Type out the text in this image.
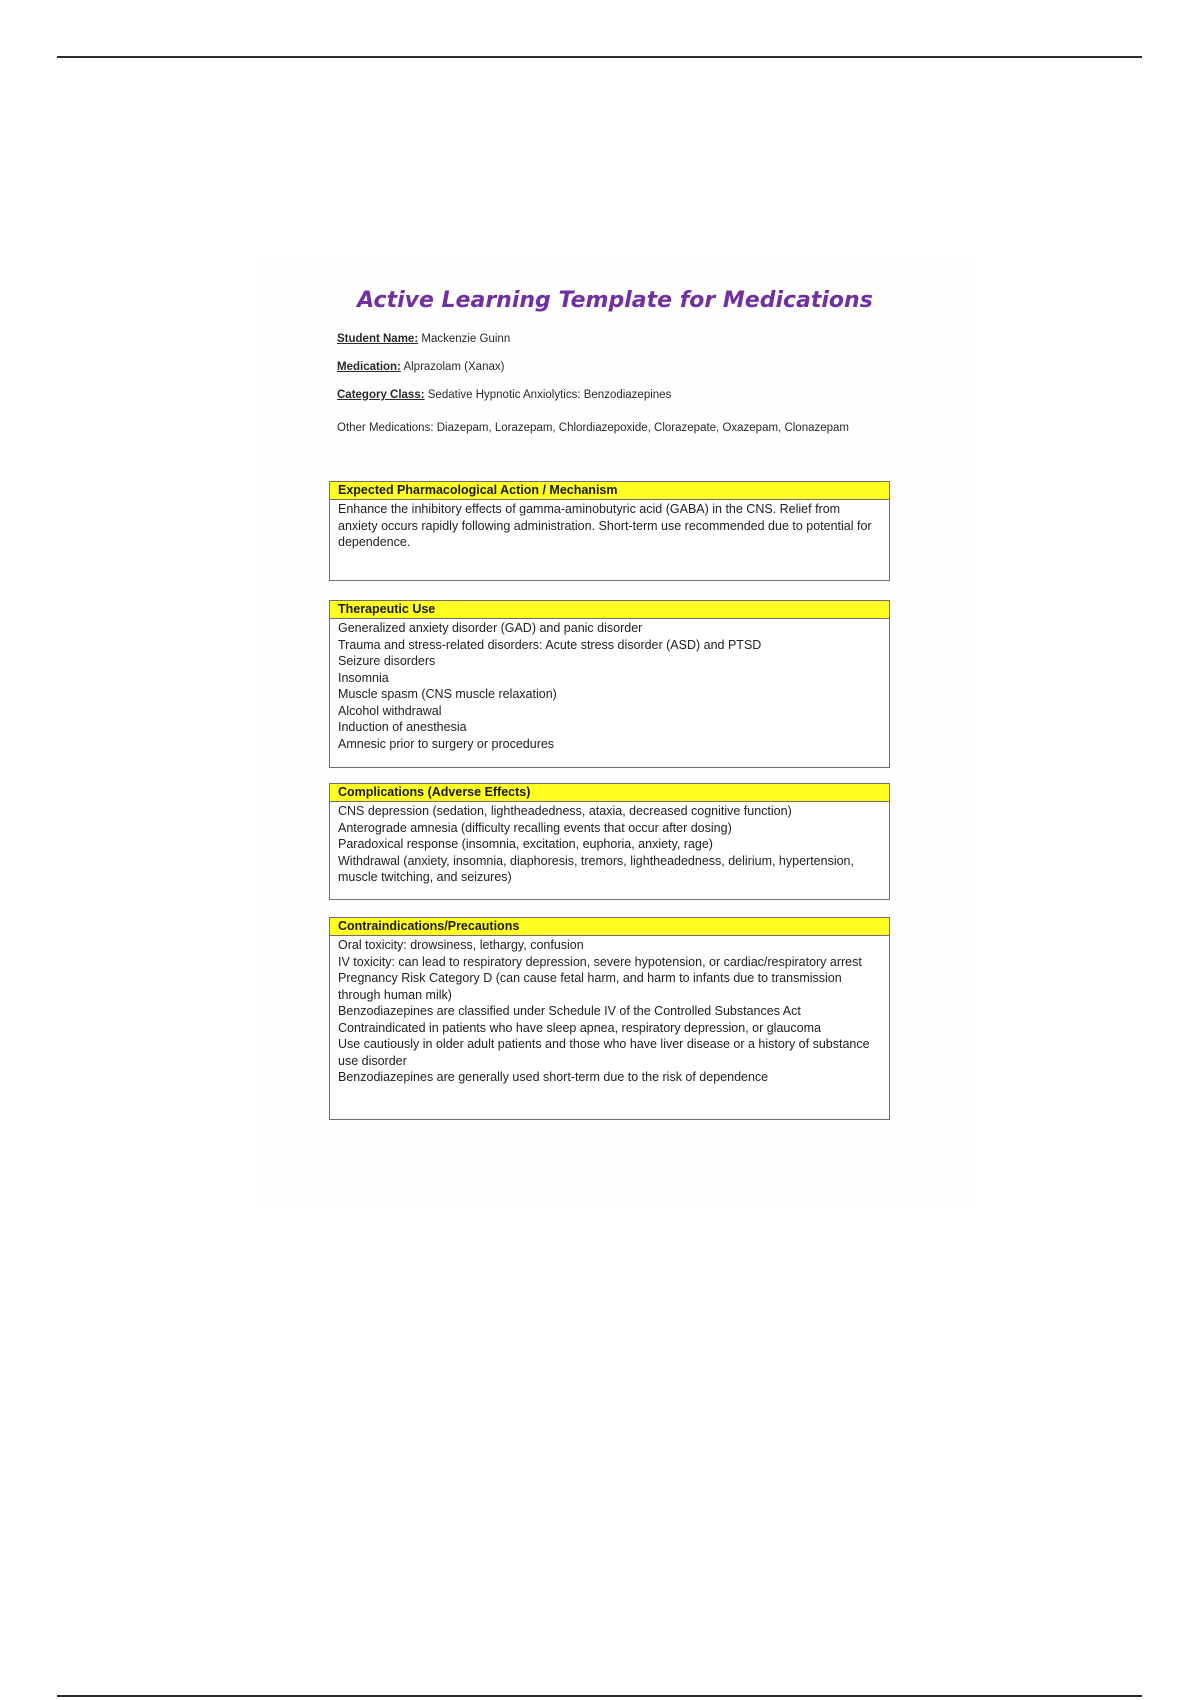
Active Learning Template for Medications
Student Name: Mackenzie Guinn
Medication: Alprazolam (Xanax)
Category Class: Sedative Hypnotic Anxiolytics: Benzodiazepines
Other Medications: Diazepam, Lorazepam, Chlordiazepoxide, Clorazepate, Oxazepam, Clonazepam
Expected Pharmacological Action / Mechanism
Enhance the inhibitory effects of gamma-aminobutyric acid (GABA) in the CNS. Relief from anxiety occurs rapidly following administration. Short-term use recommended due to potential for dependence.
Therapeutic Use
Generalized anxiety disorder (GAD) and panic disorder
Trauma and stress-related disorders: Acute stress disorder (ASD) and PTSD
Seizure disorders
Insomnia
Muscle spasm (CNS muscle relaxation)
Alcohol withdrawal
Induction of anesthesia
Amnesic prior to surgery or procedures
Complications (Adverse Effects)
CNS depression (sedation, lightheadedness, ataxia, decreased cognitive function)
Anterograde amnesia (difficulty recalling events that occur after dosing)
Paradoxical response (insomnia, excitation, euphoria, anxiety, rage)
Withdrawal (anxiety, insomnia, diaphoresis, tremors, lightheadedness, delirium, hypertension, muscle twitching, and seizures)
Contraindications/Precautions
Oral toxicity: drowsiness, lethargy, confusion
IV toxicity: can lead to respiratory depression, severe hypotension, or cardiac/respiratory arrest
Pregnancy Risk Category D (can cause fetal harm, and harm to infants due to transmission through human milk)
Benzodiazepines are classified under Schedule IV of the Controlled Substances Act
Contraindicated in patients who have sleep apnea, respiratory depression, or glaucoma
Use cautiously in older adult patients and those who have liver disease or a history of substance use disorder
Benzodiazepines are generally used short-term due to the risk of dependence
